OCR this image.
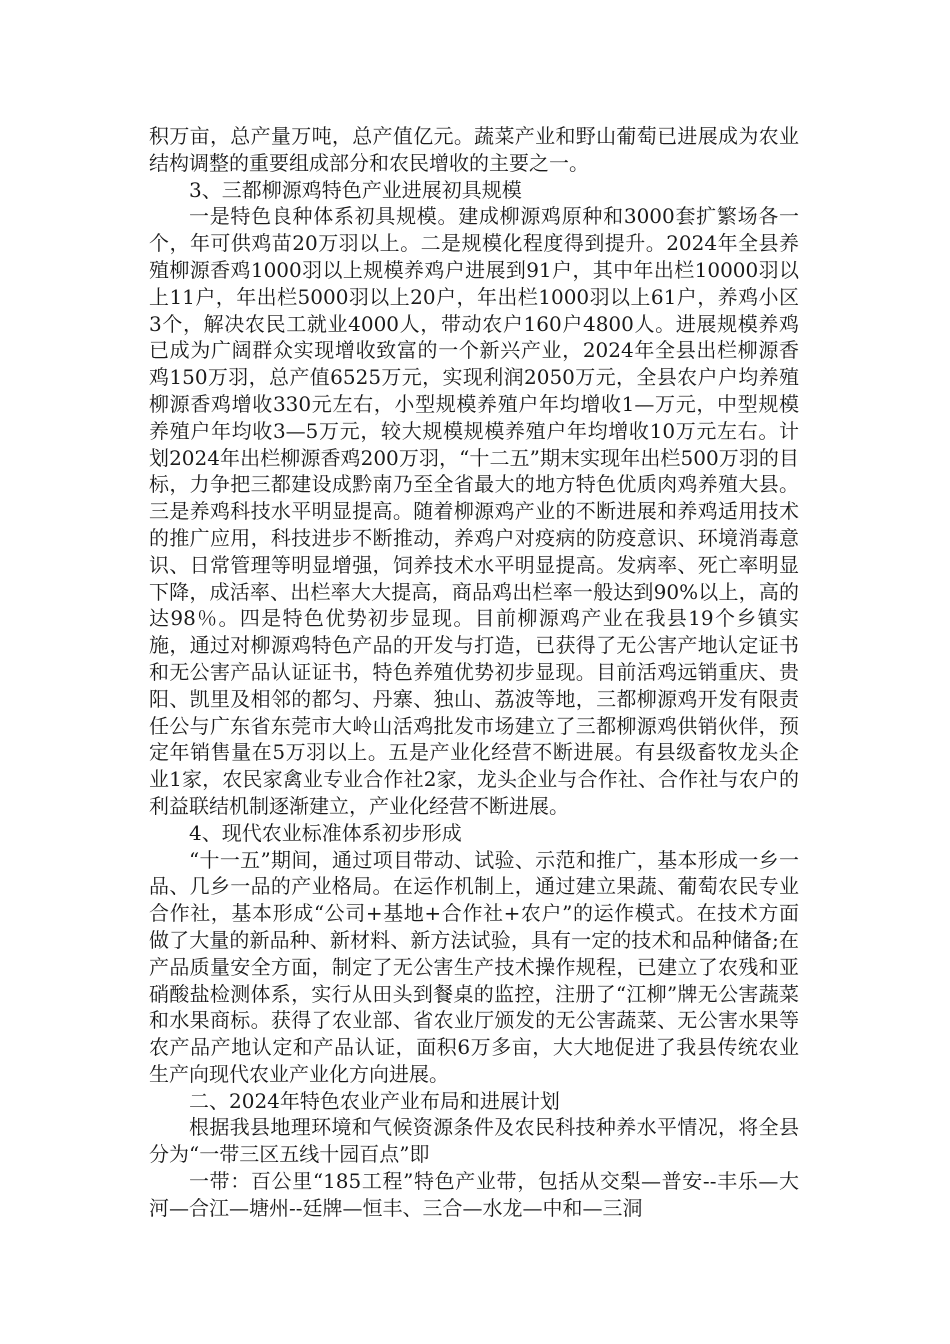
积万亩，总产量万吨，总产值亿元。蔬菜产业和野山葡萄已进展成为农业结构调整的重要组成部分和农民增收的主要之一。

3、三都柳源鸡特色产业进展初具规模

一是特色良种体系初具规模。建成柳源鸡原种和3000套扩繁场各一个，年可供鸡苗20万羽以上。二是规模化程度得到提升。2024年全县养殖柳源香鸡1000羽以上规模养鸡户进展到91户，其中年出栏10000羽以上11户，年出栏5000羽以上20户，年出栏1000羽以上61户，养鸡小区3个，解决农民工就业4000人，带动农户160户4800人。进展规模养鸡已成为广阔群众实现增收致富的一个新兴产业，2024年全县出栏柳源香鸡150万羽，总产值6525万元，实现利润2050万元，全县农户户均养殖柳源香鸡增收330元左右，小型规模养殖户年均增收1—万元，中型规模养殖户年均收3—5万元，较大规模规模养殖户年均增收10万元左右。计划2024年出栏柳源香鸡200万羽，“十二五”期末实现年出栏500万羽的目标，力争把三都建设成黔南乃至全省最大的地方特色优质肉鸡养殖大县。三是养鸡科技水平明显提高。随着柳源鸡产业的不断进展和养鸡适用技术的推广应用，科技进步不断推动，养鸡户对疫病的防疫意识、环境消毒意识、日常管理等明显增强，饲养技术水平明显提高。发病率、死亡率明显下降，成活率、出栏率大大提高，商品鸡出栏率一般达到90%以上，高的达98％。四是特色优势初步显现。目前柳源鸡产业在我县19个乡镇实施，通过对柳源鸡特色产品的开发与打造，已获得了无公害产地认定证书和无公害产品认证证书，特色养殖优势初步显现。目前活鸡远销重庆、贵阳、凯里及相邻的都匀、丹寨、独山、荔波等地，三都柳源鸡开发有限责任公与广东省东莞市大岭山活鸡批发市场建立了三都柳源鸡供销伙伴，预定年销售量在5万羽以上。五是产业化经营不断进展。有县级畜牧龙头企业1家，农民家禽业专业合作社2家，龙头企业与合作社、合作社与农户的利益联结机制逐渐建立，产业化经营不断进展。

4、现代农业标准体系初步形成

“十一五”期间，通过项目带动、试验、示范和推广，基本形成一乡一品、几乡一品的产业格局。在运作机制上，通过建立果蔬、葡萄农民专业合作社，基本形成“公司+基地+合作社+农户”的运作模式。在技术方面做了大量的新品种、新材料、新方法试验，具有一定的技术和品种储备;在产品质量安全方面，制定了无公害生产技术操作规程，已建立了农残和亚硝酸盐检测体系，实行从田头到餐桌的监控，注册了“江柳”牌无公害蔬菜和水果商标。获得了农业部、省农业厅颁发的无公害蔬菜、无公害水果等农产品产地认定和产品认证，面积6万多亩，大大地促进了我县传统农业生产向现代农业产业化方向进展。

二、2024年特色农业产业布局和进展计划

根据我县地理环境和气候资源条件及农民科技种养水平情况，将全县分为“一带三区五线十园百点”即

一带：百公里“185工程”特色产业带，包括从交梨—普安--丰乐—大河—合江—塘州--廷牌—恒丰、三合—水龙—中和—三洞
